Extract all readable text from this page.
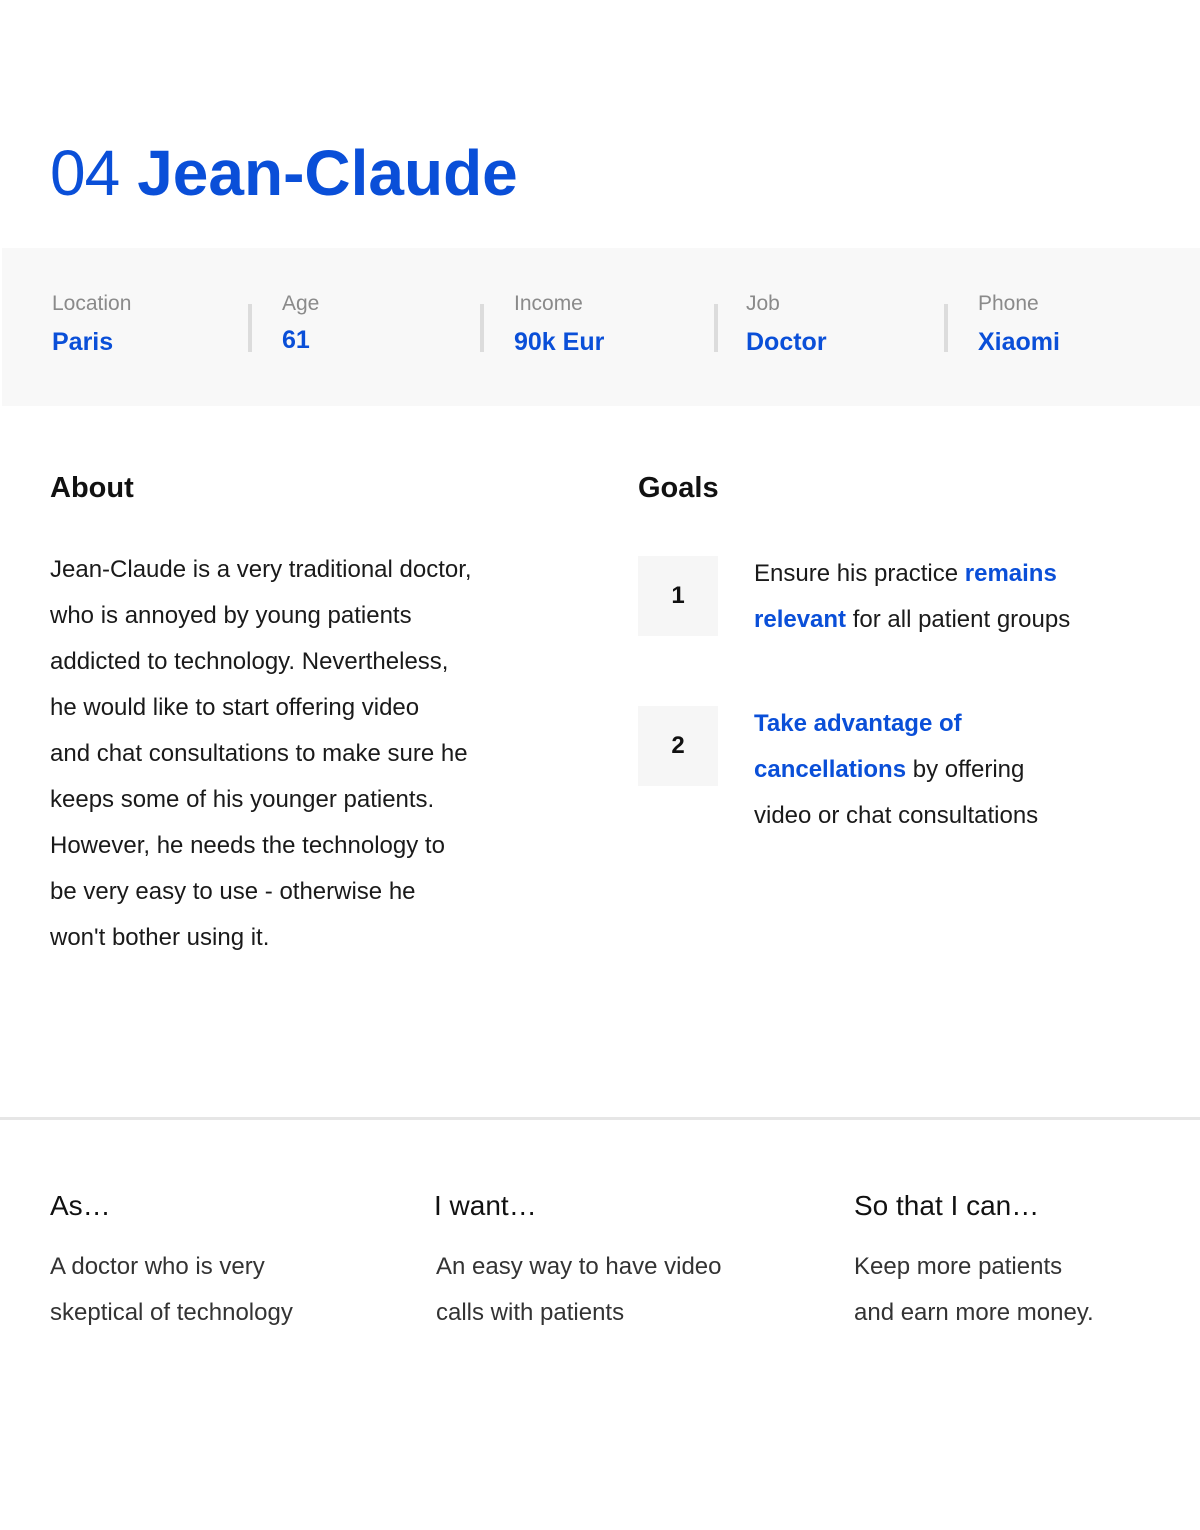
04 Jean-Claude
Location
Paris
Age
61
Income
90k Eur
Job
Doctor
Phone
Xiaomi
About
Jean-Claude is a very traditional doctor,
who is annoyed by young patients
addicted to technology. Nevertheless,
he would like to start offering video
and chat consultations to make sure he
keeps some of his younger patients.
However, he needs the technology to
be very easy to use - otherwise he
won't bother using it.
Goals
1
Ensure his practice remains
relevant for all patient groups
2
Take advantage of
cancellations by offering
video or chat consultations
As…
A doctor who is very
skeptical of technology
I want…
An easy way to have video
calls with patients
So that I can…
Keep more patients
and earn more money.
